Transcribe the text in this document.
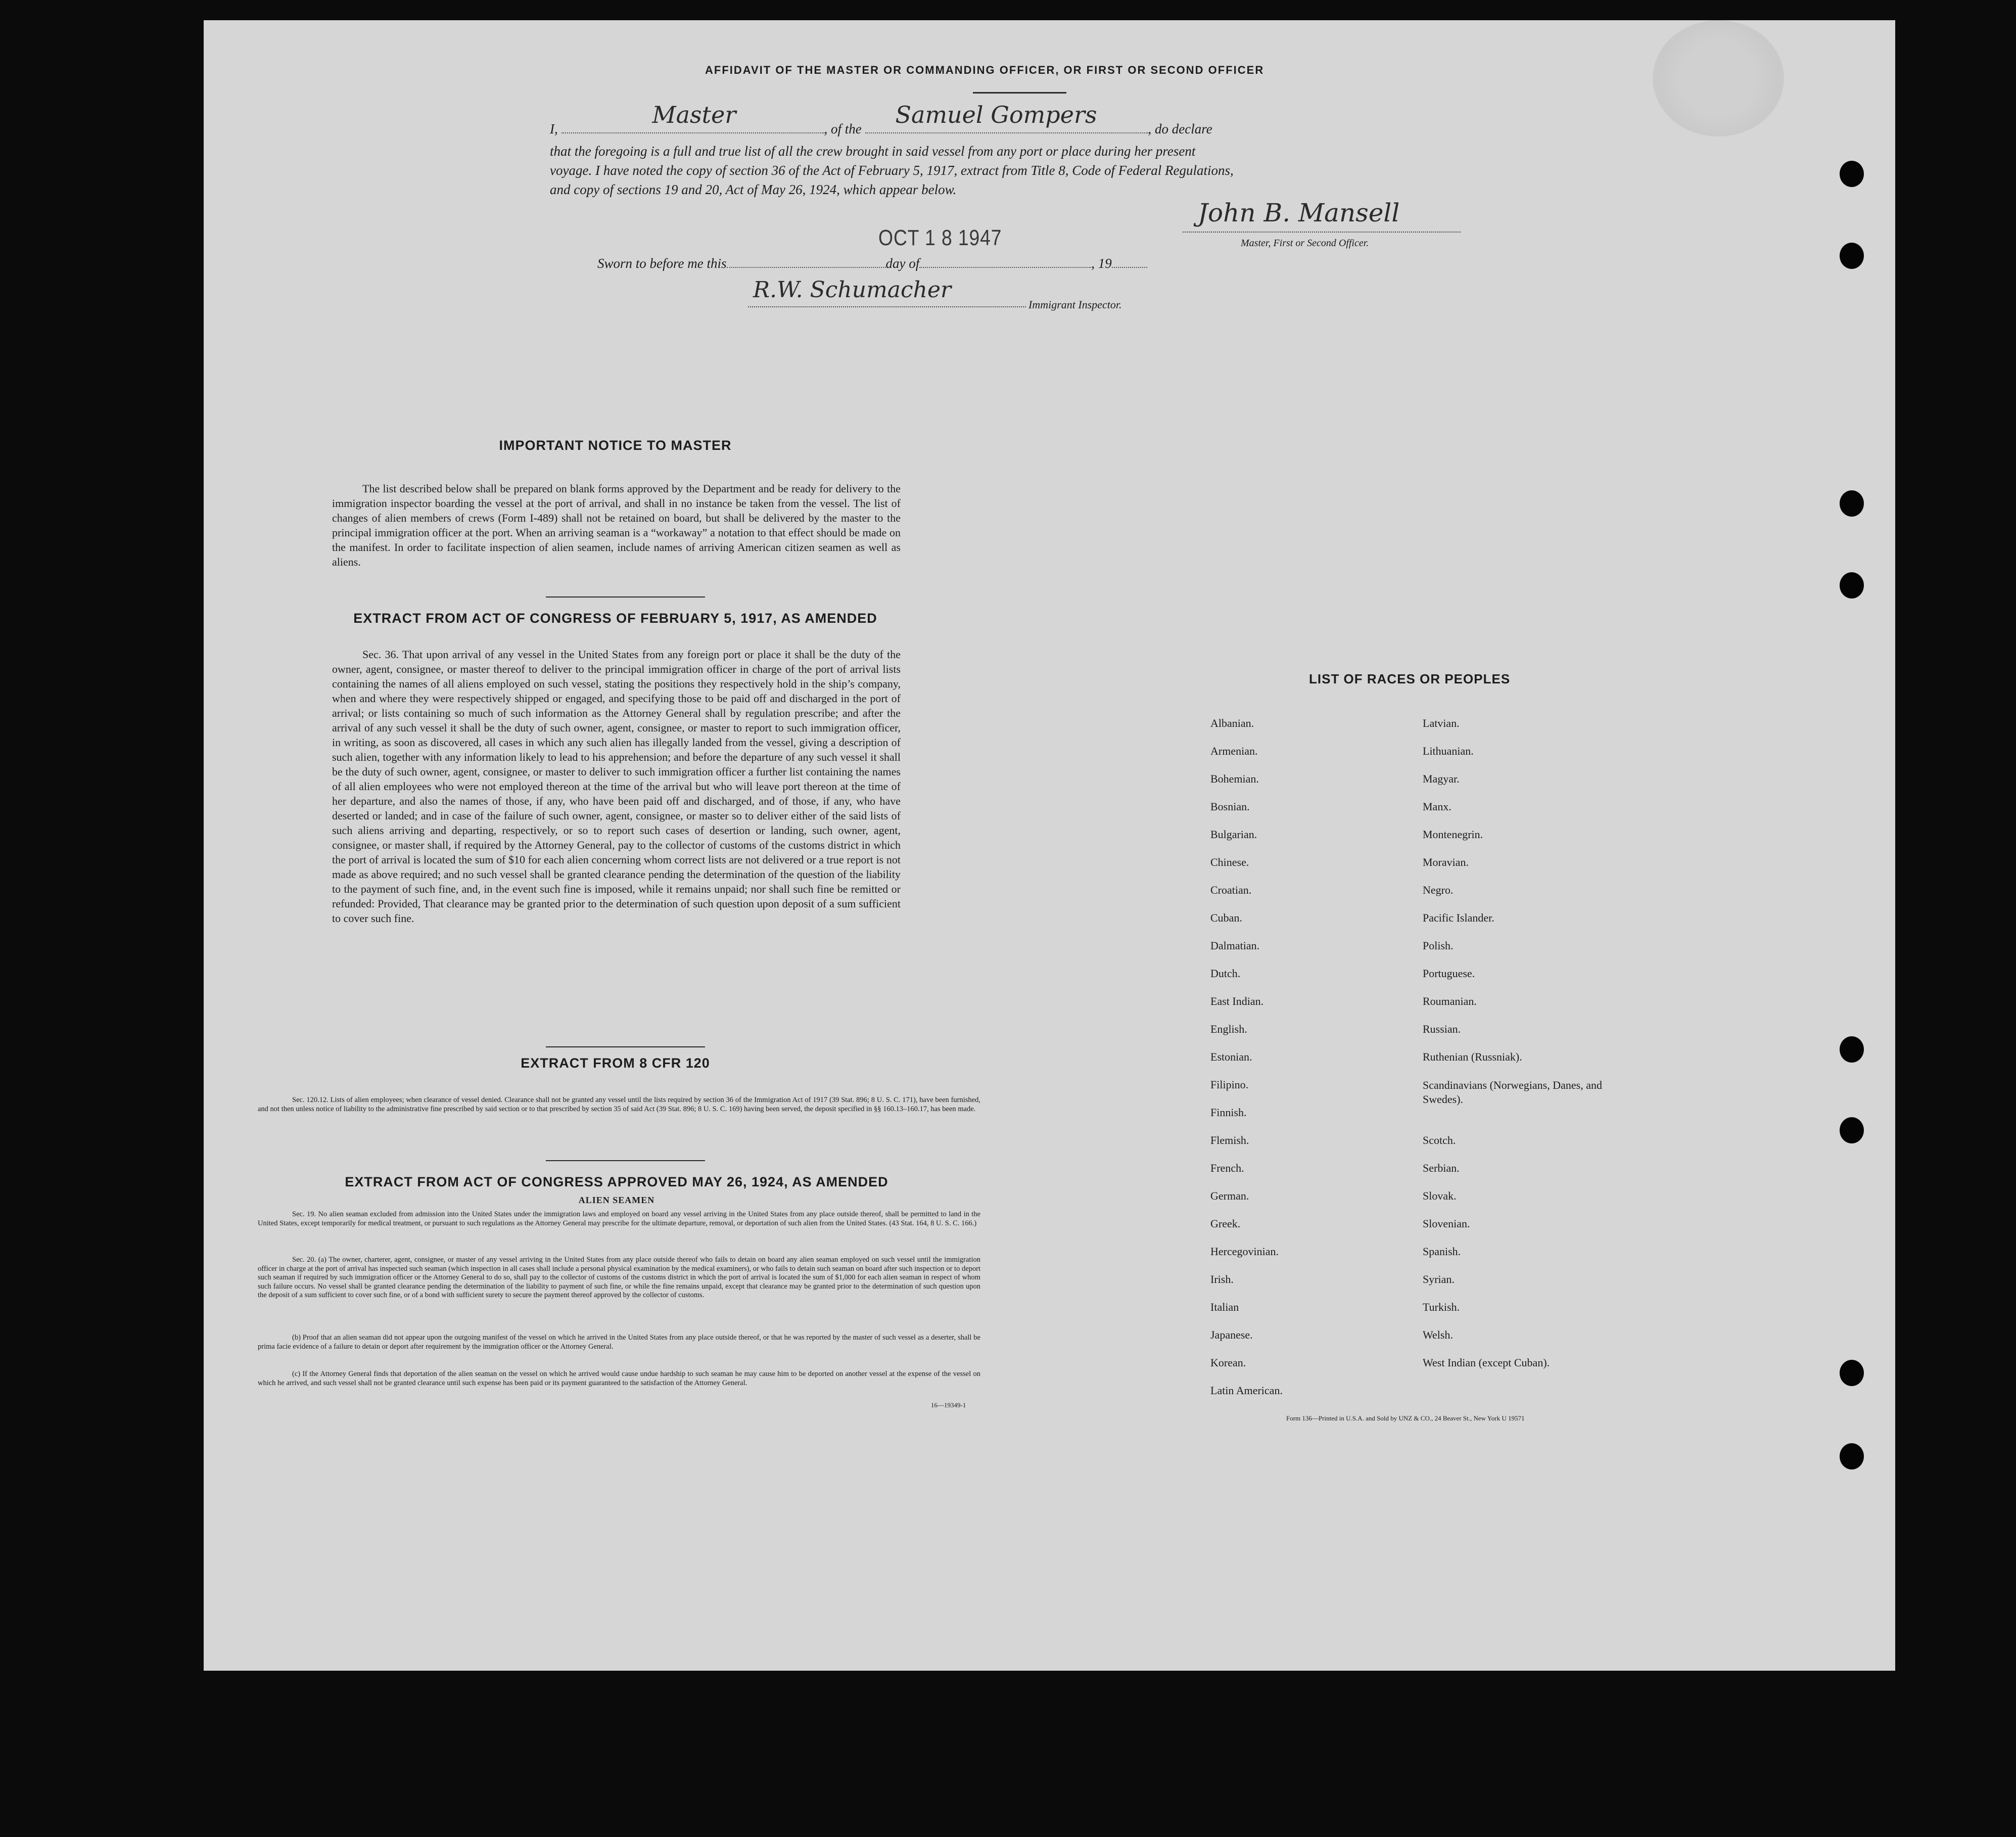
AFFIDAVIT OF THE MASTER OR COMMANDING OFFICER, OR FIRST OR SECOND OFFICER
I,
Master
, of the
Samuel Gompers
, do declare
that the foregoing is a full and true list of all the crew brought in said vessel from any port or place during her present
voyage. I have noted the copy of section 36 of the Act of February 5, 1917, extract from Title 8, Code of Federal Regulations,
and copy of sections 19 and 20, Act of May 26, 1924, which appear below.
John B. Mansell
Master, First or Second Officer.
OCT 1 8 1947
Sworn to before me this	day of	, 19
R.W. Schumacher
Immigrant Inspector.
IMPORTANT NOTICE TO MASTER
The list described below shall be prepared on blank forms approved by the Department and be ready for delivery to the immigration inspector boarding the vessel at the port of arrival, and shall in no instance be taken from the vessel. The list of changes of alien members of crews (Form I-489) shall not be retained on board, but shall be delivered by the master to the principal immigration officer at the port. When an arriving seaman is a “workaway” a notation to that effect should be made on the manifest. In order to facilitate inspection of alien seamen, include names of arriving American citizen seamen as well as aliens.
EXTRACT FROM ACT OF CONGRESS OF FEBRUARY 5, 1917, AS AMENDED
Sec. 36. That upon arrival of any vessel in the United States from any foreign port or place it shall be the duty of the owner, agent, consignee, or master thereof to deliver to the principal immigration officer in charge of the port of arrival lists containing the names of all aliens employed on such vessel, stating the positions they respectively hold in the ship’s company, when and where they were respectively shipped or engaged, and specifying those to be paid off and discharged in the port of arrival; or lists containing so much of such information as the Attorney General shall by regulation prescribe; and after the arrival of any such vessel it shall be the duty of such owner, agent, consignee, or master to report to such immigration officer, in writing, as soon as discovered, all cases in which any such alien has illegally landed from the vessel, giving a description of such alien, together with any information likely to lead to his apprehension; and before the departure of any such vessel it shall be the duty of such owner, agent, consignee, or master to deliver to such immigration officer a further list containing the names of all alien employees who were not employed thereon at the time of the arrival but who will leave port thereon at the time of her departure, and also the names of those, if any, who have been paid off and discharged, and of those, if any, who have deserted or landed; and in case of the failure of such owner, agent, consignee, or master so to deliver either of the said lists of such aliens arriving and departing, respectively, or so to report such cases of desertion or landing, such owner, agent, consignee, or master shall, if required by the Attorney General, pay to the collector of customs of the customs district in which the port of arrival is located the sum of $10 for each alien concerning whom correct lists are not delivered or a true report is not made as above required; and no such vessel shall be granted clearance pending the determination of the question of the liability to the payment of such fine, and, in the event such fine is imposed, while it remains unpaid; nor shall such fine be remitted or refunded: Provided, That clearance may be granted prior to the determination of such question upon deposit of a sum sufficient to cover such fine.
EXTRACT FROM 8 CFR 120
Sec. 120.12. Lists of alien employees; when clearance of vessel denied. Clearance shall not be granted any vessel until the lists required by section 36 of the Immigration Act of 1917 (39 Stat. 896; 8 U. S. C. 171), have been furnished, and not then unless notice of liability to the administrative fine prescribed by said section or to that prescribed by section 35 of said Act (39 Stat. 896; 8 U. S. C. 169) having been served, the deposit specified in §§ 160.13–160.17, has been made.
EXTRACT FROM ACT OF CONGRESS APPROVED MAY 26, 1924, AS AMENDED
ALIEN SEAMEN
Sec. 19. No alien seaman excluded from admission into the United States under the immigration laws and employed on board any vessel arriving in the United States from any place outside thereof, shall be permitted to land in the United States, except temporarily for medical treatment, or pursuant to such regulations as the Attorney General may prescribe for the ultimate departure, removal, or deportation of such alien from the United States. (43 Stat. 164, 8 U. S. C. 166.)
Sec. 20. (a) The owner, charterer, agent, consignee, or master of any vessel arriving in the United States from any place outside thereof who fails to detain on board any alien seaman employed on such vessel until the immigration officer in charge at the port of arrival has inspected such seaman (which inspection in all cases shall include a personal physical examination by the medical examiners), or who fails to detain such seaman on board after such inspection or to deport such seaman if required by such immigration officer or the Attorney General to do so, shall pay to the collector of customs of the customs district in which the port of arrival is located the sum of $1,000 for each alien seaman in respect of whom such failure occurs. No vessel shall be granted clearance pending the determination of the liability to payment of such fine, or while the fine remains unpaid, except that clearance may be granted prior to the determination of such question upon the deposit of a sum sufficient to cover such fine, or of a bond with sufficient surety to secure the payment thereof approved by the collector of customs.
(b) Proof that an alien seaman did not appear upon the outgoing manifest of the vessel on which he arrived in the United States from any place outside thereof, or that he was reported by the master of such vessel as a deserter, shall be prima facie evidence of a failure to detain or deport after requirement by the immigration officer or the Attorney General.
(c) If the Attorney General finds that deportation of the alien seaman on the vessel on which he arrived would cause undue hardship to such seaman he may cause him to be deported on another vessel at the expense of the vessel on which he arrived, and such vessel shall not be granted clearance until such expense has been paid or its payment guaranteed to the satisfaction of the Attorney General.
16—19349-1
LIST OF RACES OR PEOPLES
Albanian.
Armenian.
Bohemian.
Bosnian.
Bulgarian.
Chinese.
Croatian.
Cuban.
Dalmatian.
Dutch.
East Indian.
English.
Estonian.
Filipino.
Finnish.
Flemish.
French.
German.
Greek.
Hercegovinian.
Irish.
Italian
Japanese.
Korean.
Latin American.
Latvian.
Lithuanian.
Magyar.
Manx.
Montenegrin.
Moravian.
Negro.
Pacific Islander.
Polish.
Portuguese.
Roumanian.
Russian.
Ruthenian (Russniak).
Scandinavians (Norwegians, Danes, and Swedes).
Scotch.
Serbian.
Slovak.
Slovenian.
Spanish.
Syrian.
Turkish.
Welsh.
West Indian (except Cuban).
Form 136—Printed in U.S.A. and Sold by UNZ & CO., 24 Beaver St., New York U 19571
